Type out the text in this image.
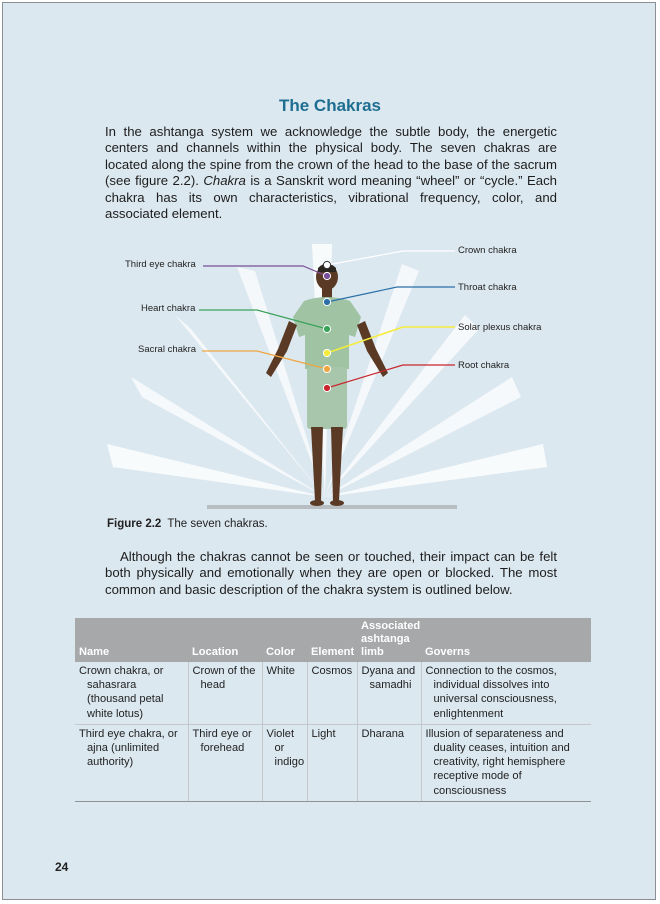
The Chakras
In the ashtanga system we acknowledge the subtle body, the energetic centers and channels within the physical body. The seven chakras are located along the spine from the crown of the head to the base of the sacrum (see figure 2.2). Chakra is a Sanskrit word meaning “wheel” or “cycle.” Each chakra has its own characteristics, vibrational frequency, color, and associated element.
Third eye chakra
Heart chakra
Sacral chakra
Crown chakra
Throat chakra
Solar plexus chakra
Root chakra
Figure 2.2 The seven chakras.
Although the chakras cannot be seen or touched, their impact can be felt both physically and emotionally when they are open or blocked. The most common and basic description of the chakra system is outlined below.
Name	Location	Color	Element	Associated ashtanga limb	Governs

Crown chakra, or sahasrara (thousand petal white lotus)	Crown of the head	White	Cosmos	Dyana and samadhi	Connection to the cosmos, individual dissolves into universal consciousness, enlightenment

Third eye chakra, or ajna (unlimited authority)	Third eye or forehead	Violet or indigo	Light	Dharana	Illusion of separateness and duality ceases, intuition and creativity, right hemisphere receptive mode of consciousness
24
